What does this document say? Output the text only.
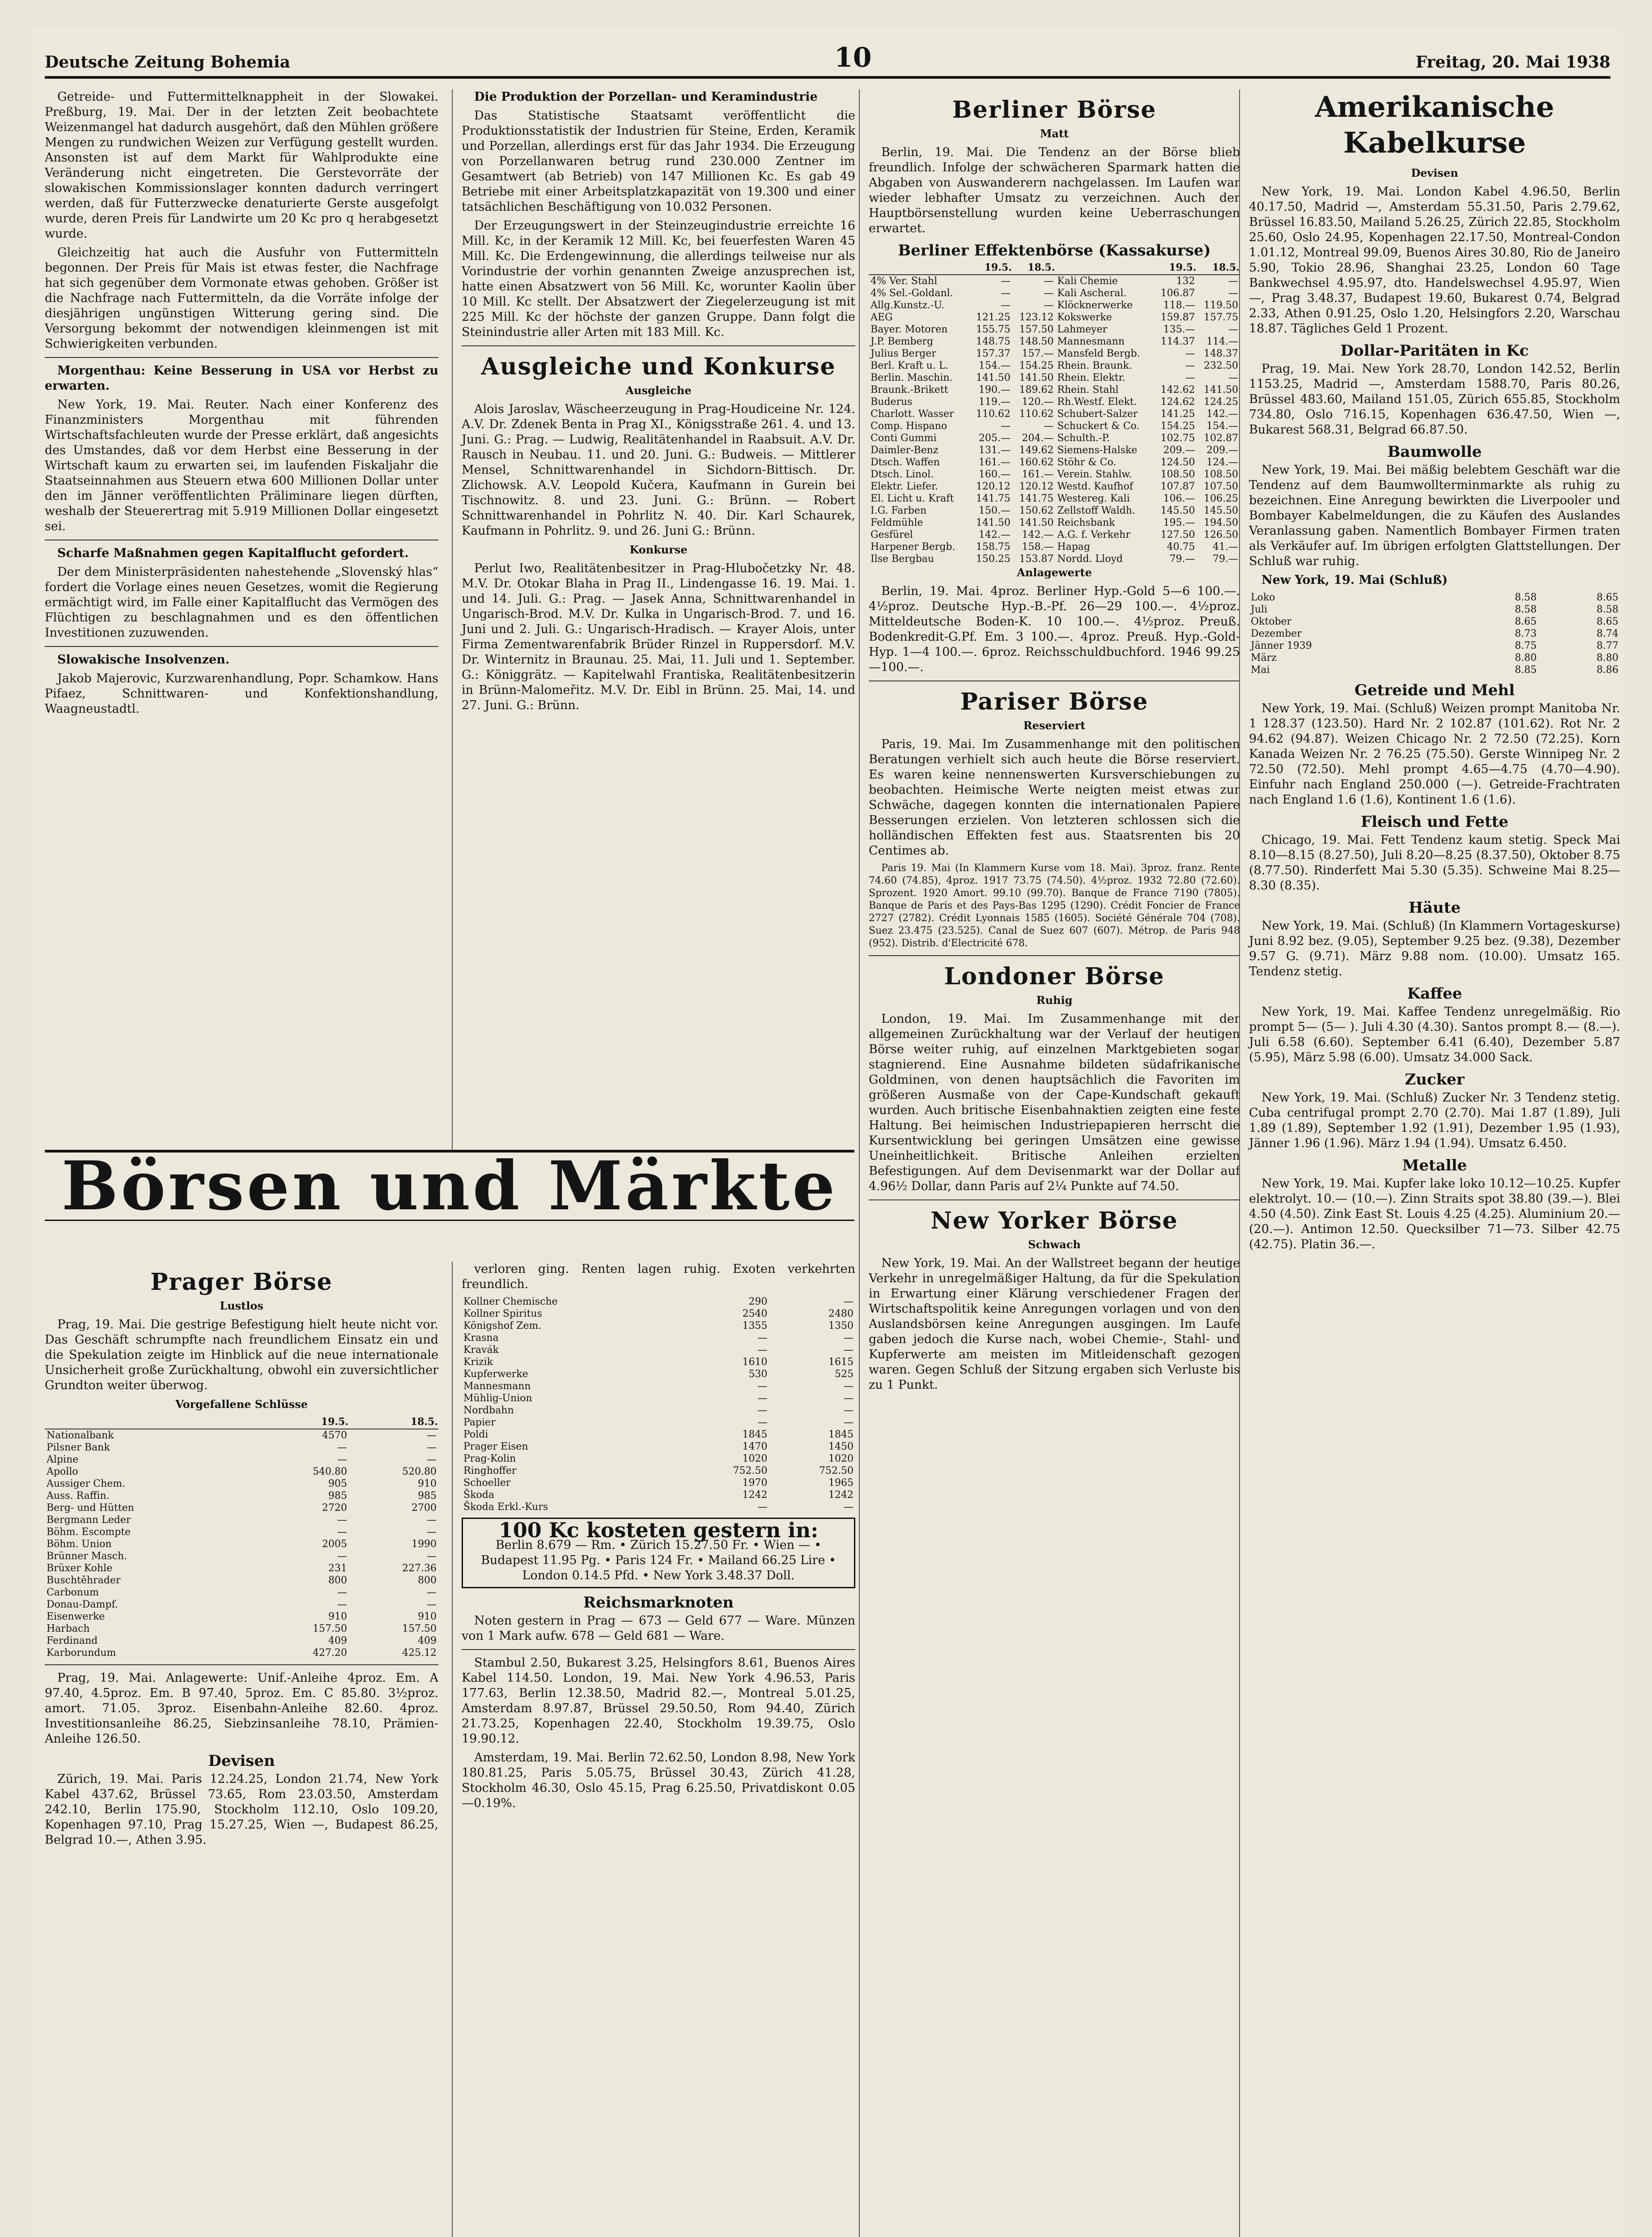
Deutsche Zeitung Bohemia	10	Freitag, 20. Mai 1938

Getreide- und Futtermittelknappheit in der Slowakei. Preßburg, 19. Mai. Der in der letzten Zeit beobachtete Weizenmangel hat dadurch ausgehört, daß den Mühlen größere Mengen zu rundwichen Weizen zur Verfügung gestellt wurden. Ansonsten ist auf dem Markt für Wahlprodukte eine Veränderung nicht eingetreten. Die Gerstevorräte der slowakischen Kommissionslager konnten dadurch verringert werden, daß für Futterzwecke denaturierte Gerste ausgefolgt wurde, deren Preis für Landwirte um 20 Kc pro q herabgesetzt wurde.

Gleichzeitig hat auch die Ausfuhr von Futtermitteln begonnen. Der Preis für Mais ist etwas fester, die Nachfrage hat sich gegenüber dem Vormonate etwas gehoben. Größer ist die Nachfrage nach Futtermitteln, da die Vorräte infolge der diesjährigen ungünstigen Witterung gering sind. Die Versorgung bekommt der notwendigen kleinmengen ist mit Schwierigkeiten verbunden.

Morgenthau: Keine Besserung in USA vor Herbst zu erwarten.

New York, 19. Mai. Reuter. Nach einer Konferenz des Finanzministers Morgenthau mit führenden Wirtschaftsfachleuten wurde der Presse erklärt, daß angesichts des Umstandes, daß vor dem Herbst eine Besserung in der Wirtschaft kaum zu erwarten sei, im laufenden Fiskaljahr die Staatseinnahmen aus Steuern etwa 600 Millionen Dollar unter den im Jänner veröffentlichten Präliminare liegen dürften, weshalb der Steuerertrag mit 5.919 Millionen Dollar eingesetzt sei.

Scharfe Maßnahmen gegen Kapitalflucht gefordert.

Der dem Ministerpräsidenten nahestehende „Slovenský hlas“ fordert die Vorlage eines neuen Gesetzes, womit die Regierung ermächtigt wird, im Falle einer Kapitalflucht das Vermögen des Flüchtigen zu beschlagnahmen und es den öffentlichen Investitionen zuzuwenden.

Slowakische Insolvenzen.

Jakob Majerovic, Kurzwarenhandlung, Popr. Schamkow. Hans Pifaez, Schnittwaren- und Konfektionshandlung, Waagneustadtl.

Die Produktion der Porzellan- und Keramindustrie

Das Statistische Staatsamt veröffentlicht die Produktionsstatistik der Industrien für Steine, Erden, Keramik und Porzellan, allerdings erst für das Jahr 1934. Die Erzeugung von Porzellanwaren betrug rund 230.000 Zentner im Gesamtwert (ab Betrieb) von 147 Millionen Kc. Es gab 49 Betriebe mit einer Arbeitsplatzkapazität von 19.300 und einer tatsächlichen Beschäftigung von 10.032 Personen.

Der Erzeugungswert in der Steinzeugindustrie erreichte 16 Mill. Kc, in der Keramik 12 Mill. Kc, bei feuerfesten Waren 45 Mill. Kc. Die Erdengewinnung, die allerdings teilweise nur als Vorindustrie der vorhin genannten Zweige anzusprechen ist, hatte einen Absatzwert von 56 Mill. Kc, worunter Kaolin über 10 Mill. Kc stellt. Der Absatzwert der Ziegelerzeugung ist mit 225 Mill. Kc der höchste der ganzen Gruppe. Dann folgt die Steinindustrie aller Arten mit 183 Mill. Kc.

Ausgleiche und Konkurse
Ausgleiche

Alois Jaroslav, Wäscheerzeugung in Prag-Houdiceine Nr. 124. A.V. Dr. Zdenek Benta in Prag XI., Königsstraße 261. 4. und 13. Juni. G.: Prag. — Ludwig, Realitätenhandel in Raabsuit. A.V. Dr. Rausch in Neubau. 11. und 20. Juni. G.: Budweis. — Mittlerer Mensel, Schnittwarenhandel in Sichdorn-Bittisch. Dr. Zlichowsk. A.V. Leopold Kučera, Kaufmann in Gurein bei Tischnowitz. 8. und 23. Juni. G.: Brünn. — Robert Schnittwarenhandel in Pohrlitz N. 40. Dir. Karl Schaurek, Kaufmann in Pohrlitz. 9. und 26. Juni G.: Brünn.

Konkurse

Perlut Iwo, Realitätenbesitzer in Prag-Hlubočetzky Nr. 48. M.V. Dr. Otokar Blaha in Prag II., Lindengasse 16. 19. Mai. 1. und 14. Juli. G.: Prag. — Jasek Anna, Schnittwarenhandel in Ungarisch-Brod. M.V. Dr. Kulka in Ungarisch-Brod. 7. und 16. Juni und 2. Juli. G.: Ungarisch-Hradisch. — Krayer Alois, unter Firma Zementwarenfabrik Brüder Rinzel in Ruppersdorf. M.V. Dr. Winternitz in Braunau. 25. Mai, 11. Juli und 1. September. G.: Königgrätz. — Kapitelwahl Frantiska, Realitätenbesitzerin in Brünn-Malomeřitz. M.V. Dr. Eibl in Brünn. 25. Mai, 14. und 27. Juni. G.: Brünn.

Börsen und Märkte
Prager Börse
Lustlos

Prag, 19. Mai. Die gestrige Befestigung hielt heute nicht vor. Das Geschäft schrumpfte nach freundlichem Einsatz ein und die Spekulation zeigte im Hinblick auf die neue internationale Unsicherheit große Zurückhaltung, obwohl ein zuversichtlicher Grundton weiter überwog.

Vorgefallene Schlüsse
	19.5.	18.5.
Nationalbank	4570	—
Pilsner Bank	—	—
Alpine	—	—
Apollo	540.80	520.80
Aussiger Chem.	905	910
Auss. Raffin.	985	985
Berg- und Hütten	2720	2700
Bergmann Leder	—	—
Böhm. Escompte	—	—
Böhm. Union	2005	1990
Brünner Masch.	—	—
Brüxer Kohle	231	227.36
Buschtěhrader	800	800
Carbonum	—	—
Donau-Dampf.	—	—
Eisenwerke	910	910
Harbach	157.50	157.50
Ferdinand	409	409
Karborundum	427.20	425.12

Prag, 19. Mai. Anlagewerte: Unif.-Anleihe 4proz. Em. A 97.40, 4.5proz. Em. B 97.40, 5proz. Em. C 85.80. 3½proz. amort. 71.05. 3proz. Eisenbahn-Anleihe 82.60. 4proz. Investitionsanleihe 86.25, Siebzinsanleihe 78.10, Prämien-Anleihe 126.50.

Devisen

Zürich, 19. Mai. Paris 12.24.25, London 21.74, New York Kabel 437.62, Brüssel 73.65, Rom 23.03.50, Amsterdam 242.10, Berlin 175.90, Stockholm 112.10, Oslo 109.20, Kopenhagen 97.10, Prag 15.27.25, Wien —, Budapest 86.25, Belgrad 10.—, Athen 3.95.

verloren ging. Renten lagen ruhig. Exoten verkehrten freundlich.

Kollner Chemische	290	—
Kollner Spiritus	2540	2480
Königshof Zem.	1355	1350
Krasna	—	—
Kravák	—	—
Krizik	1610	1615
Kupferwerke	530	525
Mannesmann	—	—
Mühlig-Union	—	—
Nordbahn	—	—
Papier	—	—
Poldi	1845	1845
Prager Eisen	1470	1450
Prag-Kolin	1020	1020
Ringhoffer	752.50	752.50
Schoeller	1970	1965
Škoda	1242	1242
Škoda Erkl.-Kurs	—	—
100 Kc kosteten gestern in:
Berlin 8.679 — Rm. • Zürich 15.27.50 Fr. • Wien — • Budapest 11.95 Pg. • Paris 124 Fr. • Mailand 66.25 Lire • London 0.14.5 Pfd. • New York 3.48.37 Doll.
Reichsmarknoten

Noten gestern in Prag — 673 — Geld 677 — Ware. Münzen von 1 Mark aufw. 678 — Geld 681 — Ware.

Stambul 2.50, Bukarest 3.25, Helsingfors 8.61, Buenos Aires Kabel 114.50. London, 19. Mai. New York 4.96.53, Paris 177.63, Berlin 12.38.50, Madrid 82.—, Montreal 5.01.25, Amsterdam 8.97.87, Brüssel 29.50.50, Rom 94.40, Zürich 21.73.25, Kopenhagen 22.40, Stockholm 19.39.75, Oslo 19.90.12.

Amsterdam, 19. Mai. Berlin 72.62.50, London 8.98, New York 180.81.25, Paris 5.05.75, Brüssel 30.43, Zürich 41.28, Stockholm 46.30, Oslo 45.15, Prag 6.25.50, Privatdiskont 0.05—0.19%.

Berliner Börse
Matt

Berlin, 19. Mai. Die Tendenz an der Börse blieb freundlich. Infolge der schwächeren Sparmark hatten die Abgaben von Auswanderern nachgelassen. Im Laufen war wieder lebhafter Umsatz zu verzeichnen. Auch der Hauptbörsenstellung wurden keine Ueberraschungen erwartet.

Berliner Effektenbörse (Kassakurse)
	19.5.	18.5.		19.5.	18.5.
4% Ver. Stahl	—	—	Kali Chemie	132	—
4% Sel.-Goldanl.	—	—	Kali Ascheral.	106.87	—
Allg.Kunstz.-U.	—	—	Klöcknerwerke	118.—	119.50
AEG	121.25	123.12	Kokswerke	159.87	157.75
Bayer. Motoren	155.75	157.50	Lahmeyer	135.—	—
J.P. Bemberg	148.75	148.50	Mannesmann	114.37	114.—
Julius Berger	157.37	157.—	Mansfeld Bergb.	—	148.37
Berl. Kraft u. L.	154.—	154.25	Rhein. Braunk.	—	232.50
Berlin. Maschin.	141.50	141.50	Rhein. Elektr.	—	—
Braunk.-Brikett	190.—	189.62	Rhein. Stahl	142.62	141.50
Buderus	119.—	120.—	Rh.Westf. Elekt.	124.62	124.25
Charlott. Wasser	110.62	110.62	Schubert-Salzer	141.25	142.—
Comp. Hispano	—	—	Schuckert & Co.	154.25	154.—
Conti Gummi	205.—	204.—	Schulth.-P.	102.75	102.87
Daimler-Benz	131.—	149.62	Siemens-Halske	209.—	209.—
Dtsch. Waffen	161.—	160.62	Stöhr & Co.	124.50	124.—
Dtsch. Linol.	160.—	161.—	Verein. Stahlw.	108.50	108.50
Elektr. Liefer.	120.12	120.12	Westd. Kaufhof	107.87	107.50
El. Licht u. Kraft	141.75	141.75	Westereg. Kali	106.—	106.25
I.G. Farben	150.—	150.62	Zellstoff Waldh.	145.50	145.50
Feldmühle	141.50	141.50	Reichsbank	195.—	194.50
Gesfürel	142.—	142.—	A.G. f. Verkehr	127.50	126.50
Harpener Bergb.	158.75	158.—	Hapag	40.75	41.—
Ilse Bergbau	150.25	153.87	Nordd. Lloyd	79.—	79.—
Anlagewerte

Berlin, 19. Mai. 4proz. Berliner Hyp.-Gold 5—6 100.—. 4½proz. Deutsche Hyp.-B.-Pf. 26—29 100.—. 4½proz. Mitteldeutsche Boden-K. 10 100.—. 4½proz. Preuß. Bodenkredit-G.Pf. Em. 3 100.—. 4proz. Preuß. Hyp.-Gold-Hyp. 1—4 100.—. 6proz. Reichsschuldbuchford. 1946 99.25—100.—.

Pariser Börse
Reserviert

Paris, 19. Mai. Im Zusammenhange mit den politischen Beratungen verhielt sich auch heute die Börse reserviert. Es waren keine nennenswerten Kursverschiebungen zu beobachten. Heimische Werte neigten meist etwas zur Schwäche, dagegen konnten die internationalen Papiere Besserungen erzielen. Von letzteren schlossen sich die holländischen Effekten fest aus. Staatsrenten bis 20 Centimes ab.

Paris 19. Mai (In Klammern Kurse vom 18. Mai). 3proz. franz. Rente 74.60 (74.85), 4proz. 1917 73.75 (74.50). 4½proz. 1932 72.80 (72.60). Sprozent. 1920 Amort. 99.10 (99.70). Banque de France 7190 (7805). Banque de Paris et des Pays-Bas 1295 (1290). Crédit Foncier de France 2727 (2782). Crédit Lyonnais 1585 (1605). Société Générale 704 (708). Suez 23.475 (23.525). Canal de Suez 607 (607). Métrop. de Paris 948 (952). Distrib. d'Electricité 678.

Londoner Börse
Ruhig

London, 19. Mai. Im Zusammenhange mit der allgemeinen Zurückhaltung war der Verlauf der heutigen Börse weiter ruhig, auf einzelnen Marktgebieten sogar stagnierend. Eine Ausnahme bildeten südafrikanische Goldminen, von denen hauptsächlich die Favoriten im größeren Ausmaße von der Cape-Kundschaft gekauft wurden. Auch britische Eisenbahnaktien zeigten eine feste Haltung. Bei heimischen Industriepapieren herrscht die Kursentwicklung bei geringen Umsätzen eine gewisse Uneinheitlichkeit. Britische Anleihen erzielten Befestigungen. Auf dem Devisenmarkt war der Dollar auf 4.96½ Dollar, dann Paris auf 2¼ Punkte auf 74.50.

New Yorker Börse
Schwach

New York, 19. Mai. An der Wallstreet begann der heutige Verkehr in unregelmäßiger Haltung, da für die Spekulation in Erwartung einer Klärung verschiedener Fragen der Wirtschaftspolitik keine Anregungen vorlagen und von den Auslandsbörsen keine Anregungen ausgingen. Im Laufe gaben jedoch die Kurse nach, wobei Chemie-, Stahl- und Kupferwerte am meisten im Mitleidenschaft gezogen waren. Gegen Schluß der Sitzung ergaben sich Verluste bis zu 1 Punkt.

Amerikanische Kabelkurse
Devisen

New York, 19. Mai. London Kabel 4.96.50, Berlin 40.17.50, Madrid —, Amsterdam 55.31.50, Paris 2.79.62, Brüssel 16.83.50, Mailand 5.26.25, Zürich 22.85, Stockholm 25.60, Oslo 24.95, Kopenhagen 22.17.50, Montreal-Condon 1.01.12, Montreal 99.09, Buenos Aires 30.80, Rio de Janeiro 5.90, Tokio 28.96, Shanghai 23.25, London 60 Tage Bankwechsel 4.95.97, dto. Handelswechsel 4.95.97, Wien —, Prag 3.48.37, Budapest 19.60, Bukarest 0.74, Belgrad 2.33, Athen 0.91.25, Oslo 1.20, Helsingfors 2.20, Warschau 18.87. Tägliches Geld 1 Prozent.

Dollar-Paritäten in Kc

Prag, 19. Mai. New York 28.70, London 142.52, Berlin 1153.25, Madrid —, Amsterdam 1588.70, Paris 80.26, Brüssel 483.60, Mailand 151.05, Zürich 655.85, Stockholm 734.80, Oslo 716.15, Kopenhagen 636.47.50, Wien —, Bukarest 568.31, Belgrad 66.87.50.

Baumwolle

New York, 19. Mai. Bei mäßig belebtem Geschäft war die Tendenz auf dem Baumwollterminmarkte als ruhig zu bezeichnen. Eine Anregung bewirkten die Liverpooler und Bombayer Kabelmeldungen, die zu Käufen des Auslandes Veranlassung gaben. Namentlich Bombayer Firmen traten als Verkäufer auf. Im übrigen erfolgten Glattstellungen. Der Schluß war ruhig.

New York, 19. Mai (Schluß)

Loko	8.58	8.65
Juli	8.58	8.58
Oktober	8.65	8.65
Dezember	8.73	8.74
Jänner 1939	8.75	8.77
März	8.80	8.80
Mai	8.85	8.86
Getreide und Mehl

New York, 19. Mai. (Schluß) Weizen prompt Manitoba Nr. 1 128.37 (123.50). Hard Nr. 2 102.87 (101.62). Rot Nr. 2 94.62 (94.87). Weizen Chicago Nr. 2 72.50 (72.25). Korn Kanada Weizen Nr. 2 76.25 (75.50). Gerste Winnipeg Nr. 2 72.50 (72.50). Mehl prompt 4.65—4.75 (4.70—4.90). Einfuhr nach England 250.000 (—). Getreide-Frachtraten nach England 1.6 (1.6), Kontinent 1.6 (1.6).

Fleisch und Fette

Chicago, 19. Mai. Fett Tendenz kaum stetig. Speck Mai 8.10—8.15 (8.27.50), Juli 8.20—8.25 (8.37.50), Oktober 8.75 (8.77.50). Rinderfett Mai 5.30 (5.35). Schweine Mai 8.25—8.30 (8.35).

Häute

New York, 19. Mai. (Schluß) (In Klammern Vortageskurse) Juni 8.92 bez. (9.05), September 9.25 bez. (9.38), Dezember 9.57 G. (9.71). März 9.88 nom. (10.00). Umsatz 165. Tendenz stetig.

Kaffee

New York, 19. Mai. Kaffee Tendenz unregelmäßig. Rio prompt 5— (5— ). Juli 4.30 (4.30). Santos prompt 8.— (8.—). Juli 6.58 (6.60). September 6.41 (6.40), Dezember 5.87 (5.95), März 5.98 (6.00). Umsatz 34.000 Sack.

Zucker

New York, 19. Mai. (Schluß) Zucker Nr. 3 Tendenz stetig. Cuba centrifugal prompt 2.70 (2.70). Mai 1.87 (1.89), Juli 1.89 (1.89), September 1.92 (1.91), Dezember 1.95 (1.93), Jänner 1.96 (1.96). März 1.94 (1.94). Umsatz 6.450.

Metalle

New York, 19. Mai. Kupfer lake loko 10.12—10.25. Kupfer elektrolyt. 10.— (10.—). Zinn Straits spot 38.80 (39.—). Blei 4.50 (4.50). Zink East St. Louis 4.25 (4.25). Aluminium 20.— (20.—). Antimon 12.50. Quecksilber 71—73. Silber 42.75 (42.75). Platin 36.—.
